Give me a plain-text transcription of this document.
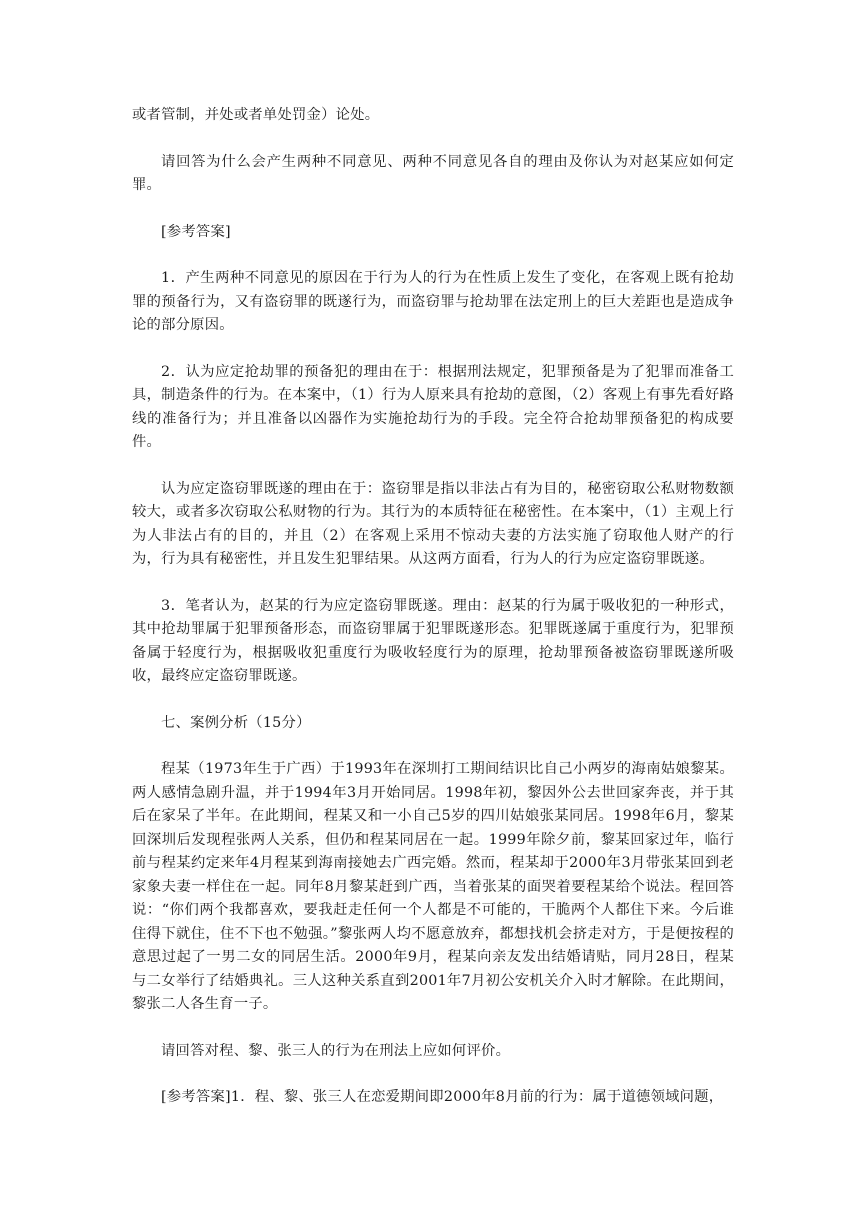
或者管制，并处或者单处罚金）论处。

请回答为什么会产生两种不同意见、两种不同意见各自的理由及你认为对赵某应如何定罪。

[参考答案]

1．产生两种不同意见的原因在于行为人的行为在性质上发生了变化，在客观上既有抢劫罪的预备行为，又有盗窃罪的既遂行为，而盗窃罪与抢劫罪在法定刑上的巨大差距也是造成争论的部分原因。

2．认为应定抢劫罪的预备犯的理由在于：根据刑法规定，犯罪预备是为了犯罪而准备工具，制造条件的行为。在本案中，（1）行为人原来具有抢劫的意图，（2）客观上有事先看好路线的准备行为；并且准备以凶器作为实施抢劫行为的手段。完全符合抢劫罪预备犯的构成要件。

认为应定盗窃罪既遂的理由在于：盗窃罪是指以非法占有为目的，秘密窃取公私财物数额较大，或者多次窃取公私财物的行为。其行为的本质特征在秘密性。在本案中，（1）主观上行为人非法占有的目的，并且（2）在客观上采用不惊动夫妻的方法实施了窃取他人财产的行为，行为具有秘密性，并且发生犯罪结果。从这两方面看，行为人的行为应定盗窃罪既遂。

3．笔者认为，赵某的行为应定盗窃罪既遂。理由：赵某的行为属于吸收犯的一种形式，其中抢劫罪属于犯罪预备形态，而盗窃罪属于犯罪既遂形态。犯罪既遂属于重度行为，犯罪预备属于轻度行为，根据吸收犯重度行为吸收轻度行为的原理，抢劫罪预备被盗窃罪既遂所吸收，最终应定盗窃罪既遂。

七、案例分析（15分）

程某（1973年生于广西）于1993年在深圳打工期间结识比自己小两岁的海南姑娘黎某。两人感情急剧升温，并于1994年3月开始同居。1998年初，黎因外公去世回家奔丧，并于其后在家呆了半年。在此期间，程某又和一小自己5岁的四川姑娘张某同居。1998年6月，黎某回深圳后发现程张两人关系，但仍和程某同居在一起。1999年除夕前，黎某回家过年，临行前与程某约定来年4月程某到海南接她去广西完婚。然而，程某却于2000年3月带张某回到老家象夫妻一样住在一起。同年8月黎某赶到广西，当着张某的面哭着要程某给个说法。程回答说：“你们两个我都喜欢，要我赶走任何一个人都是不可能的，干脆两个人都住下来。今后谁住得下就住，住不下也不勉强。”黎张两人均不愿意放弃，都想找机会挤走对方，于是便按程的意思过起了一男二女的同居生活。2000年9月，程某向亲友发出结婚请贴，同月28日，程某与二女举行了结婚典礼。三人这种关系直到2001年7月初公安机关介入时才解除。在此期间，黎张二人各生育一子。

请回答对程、黎、张三人的行为在刑法上应如何评价。

[参考答案]1．程、黎、张三人在恋爱期间即2000年8月前的行为：属于道德领域问题，
